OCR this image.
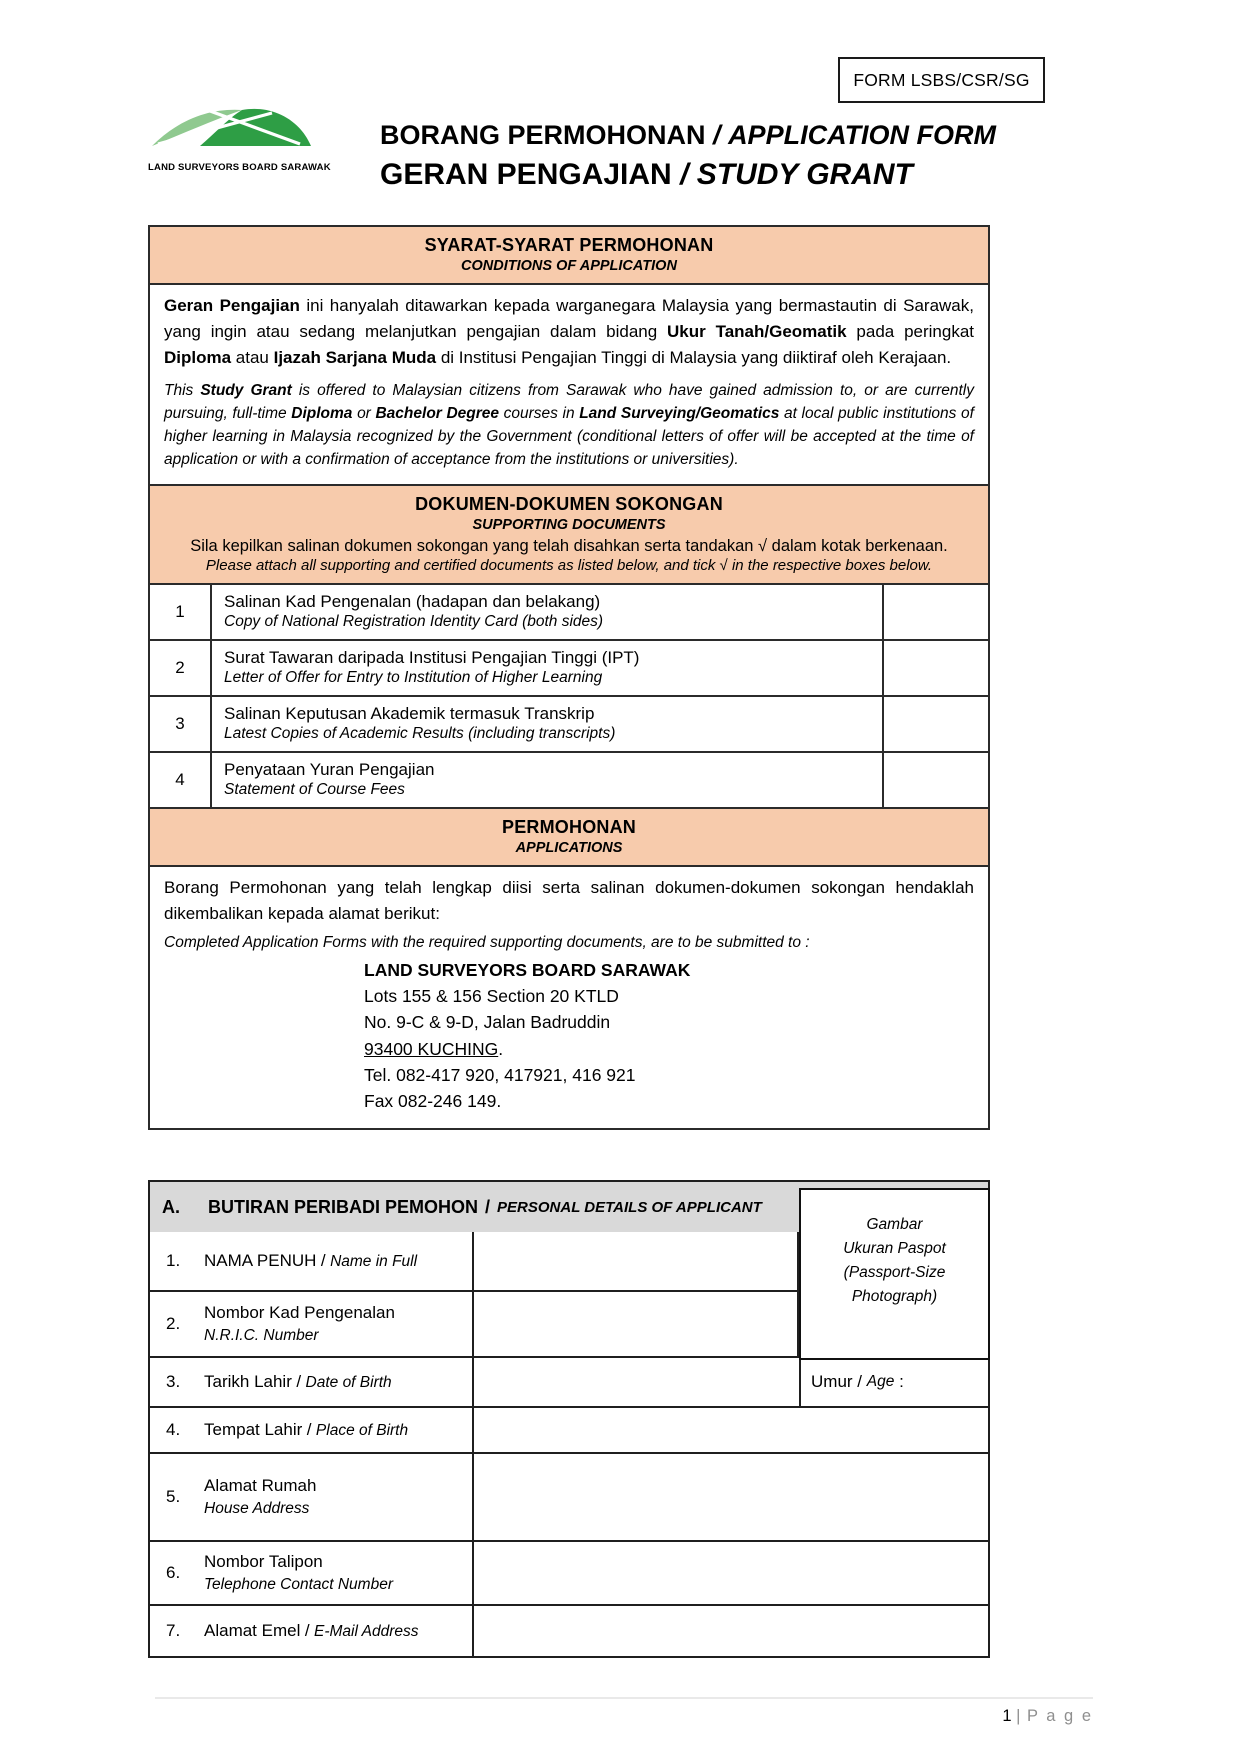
FORM LSBS/CSR/SG
LAND SURVEYORS BOARD SARAWAK
BORANG PERMOHONAN / APPLICATION FORM
GERAN PENGAJIAN / STUDY GRANT
SYARAT-SYARAT PERMOHONAN
CONDITIONS OF APPLICATION

Geran Pengajian ini hanyalah ditawarkan kepada warganegara Malaysia yang bermastautin di Sarawak, yang ingin atau sedang melanjutkan pengajian dalam bidang Ukur Tanah/Geomatik pada peringkat Diploma atau Ijazah Sarjana Muda di Institusi Pengajian Tinggi di Malaysia yang diiktiraf oleh Kerajaan.

This Study Grant is offered to Malaysian citizens from Sarawak who have gained admission to, or are currently pursuing, full-time Diploma or Bachelor Degree courses in Land Surveying/Geomatics at local public institutions of higher learning in Malaysia recognized by the Government (conditional letters of offer will be accepted at the time of application or with a confirmation of acceptance from the institutions or universities).

DOKUMEN-DOKUMEN SOKONGAN
SUPPORTING DOCUMENTS
Sila kepilkan salinan dokumen sokongan yang telah disahkan serta tandakan √ dalam kotak berkenaan.
Please attach all supporting and certified documents as listed below, and tick √ in the respective boxes below.
1
Salinan Kad Pengenalan (hadapan dan belakang)
Copy of National Registration Identity Card (both sides)
2
Surat Tawaran daripada Institusi Pengajian Tinggi (IPT)
Letter of Offer for Entry to Institution of Higher Learning
3
Salinan Keputusan Akademik termasuk Transkrip
Latest Copies of Academic Results (including transcripts)
4
Penyataan Yuran Pengajian
Statement of Course Fees
PERMOHONAN
APPLICATIONS

Borang Permohonan yang telah lengkap diisi serta salinan dokumen-dokumen sokongan hendaklah dikembalikan kepada alamat berikut:

Completed Application Forms with the required supporting documents, are to be submitted to :

LAND SURVEYORS BOARD SARAWAK
Lots 155 & 156 Section 20 KTLD
No. 9-C & 9-D, Jalan Badruddin
93400 KUCHING.
Tel. 082-417 920, 417921, 416 921
Fax 082-246 149.
A.	BUTIRAN PERIBADI PEMOHON / PERSONAL DETAILS OF APPLICANT
Gambar
Ukuran Paspot
(Passport-Size
Photograph)
1.	NAMA PENUH / Name in Full
2.
Nombor Kad Pengenalan
N.R.I.C. Number
3.	Tarikh Lahir / Date of Birth	Umur
/
Age
:
4.	Tempat Lahir / Place of Birth
5.
Alamat Rumah
House Address
6.
Nombor Talipon
Telephone Contact Number
7.	Alamat Emel / E-Mail Address
1 | P a g e
